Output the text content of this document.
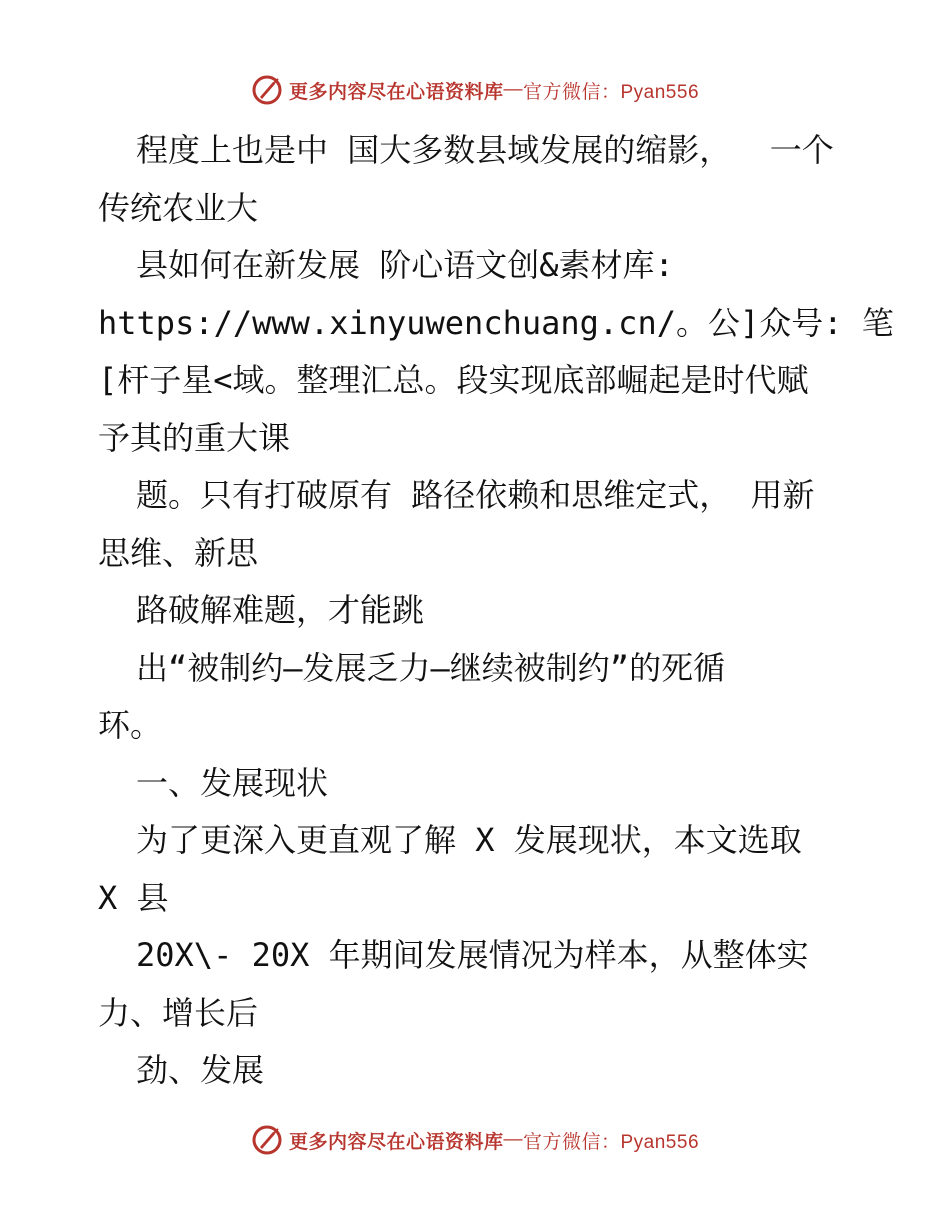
更多内容尽在心语资料库 — 官方微信：Pyan556
程度上也是中 国大多数县域发展的缩影，  一个
传统农业大
县如何在新发展 阶心语文创&素材库:
https://www.xinyuwenchuang.cn/。公]众号: 笔
[杆子星<域。整理汇总。段实现底部崛起是时代赋
予其的重大课
题。只有打破原有 路径依赖和思维定式， 用新
思维、新思
路破解难题，才能跳
出“被制约—发展乏力—继续被制约”的死循
环。
一、发展现状
为了更深入更直观了解 X 发展现状，本文选取
X 县
20X\- 20X 年期间发展情况为样本，从整体实
力、增长后
劲、发展
更多内容尽在心语资料库 — 官方微信：Pyan556
